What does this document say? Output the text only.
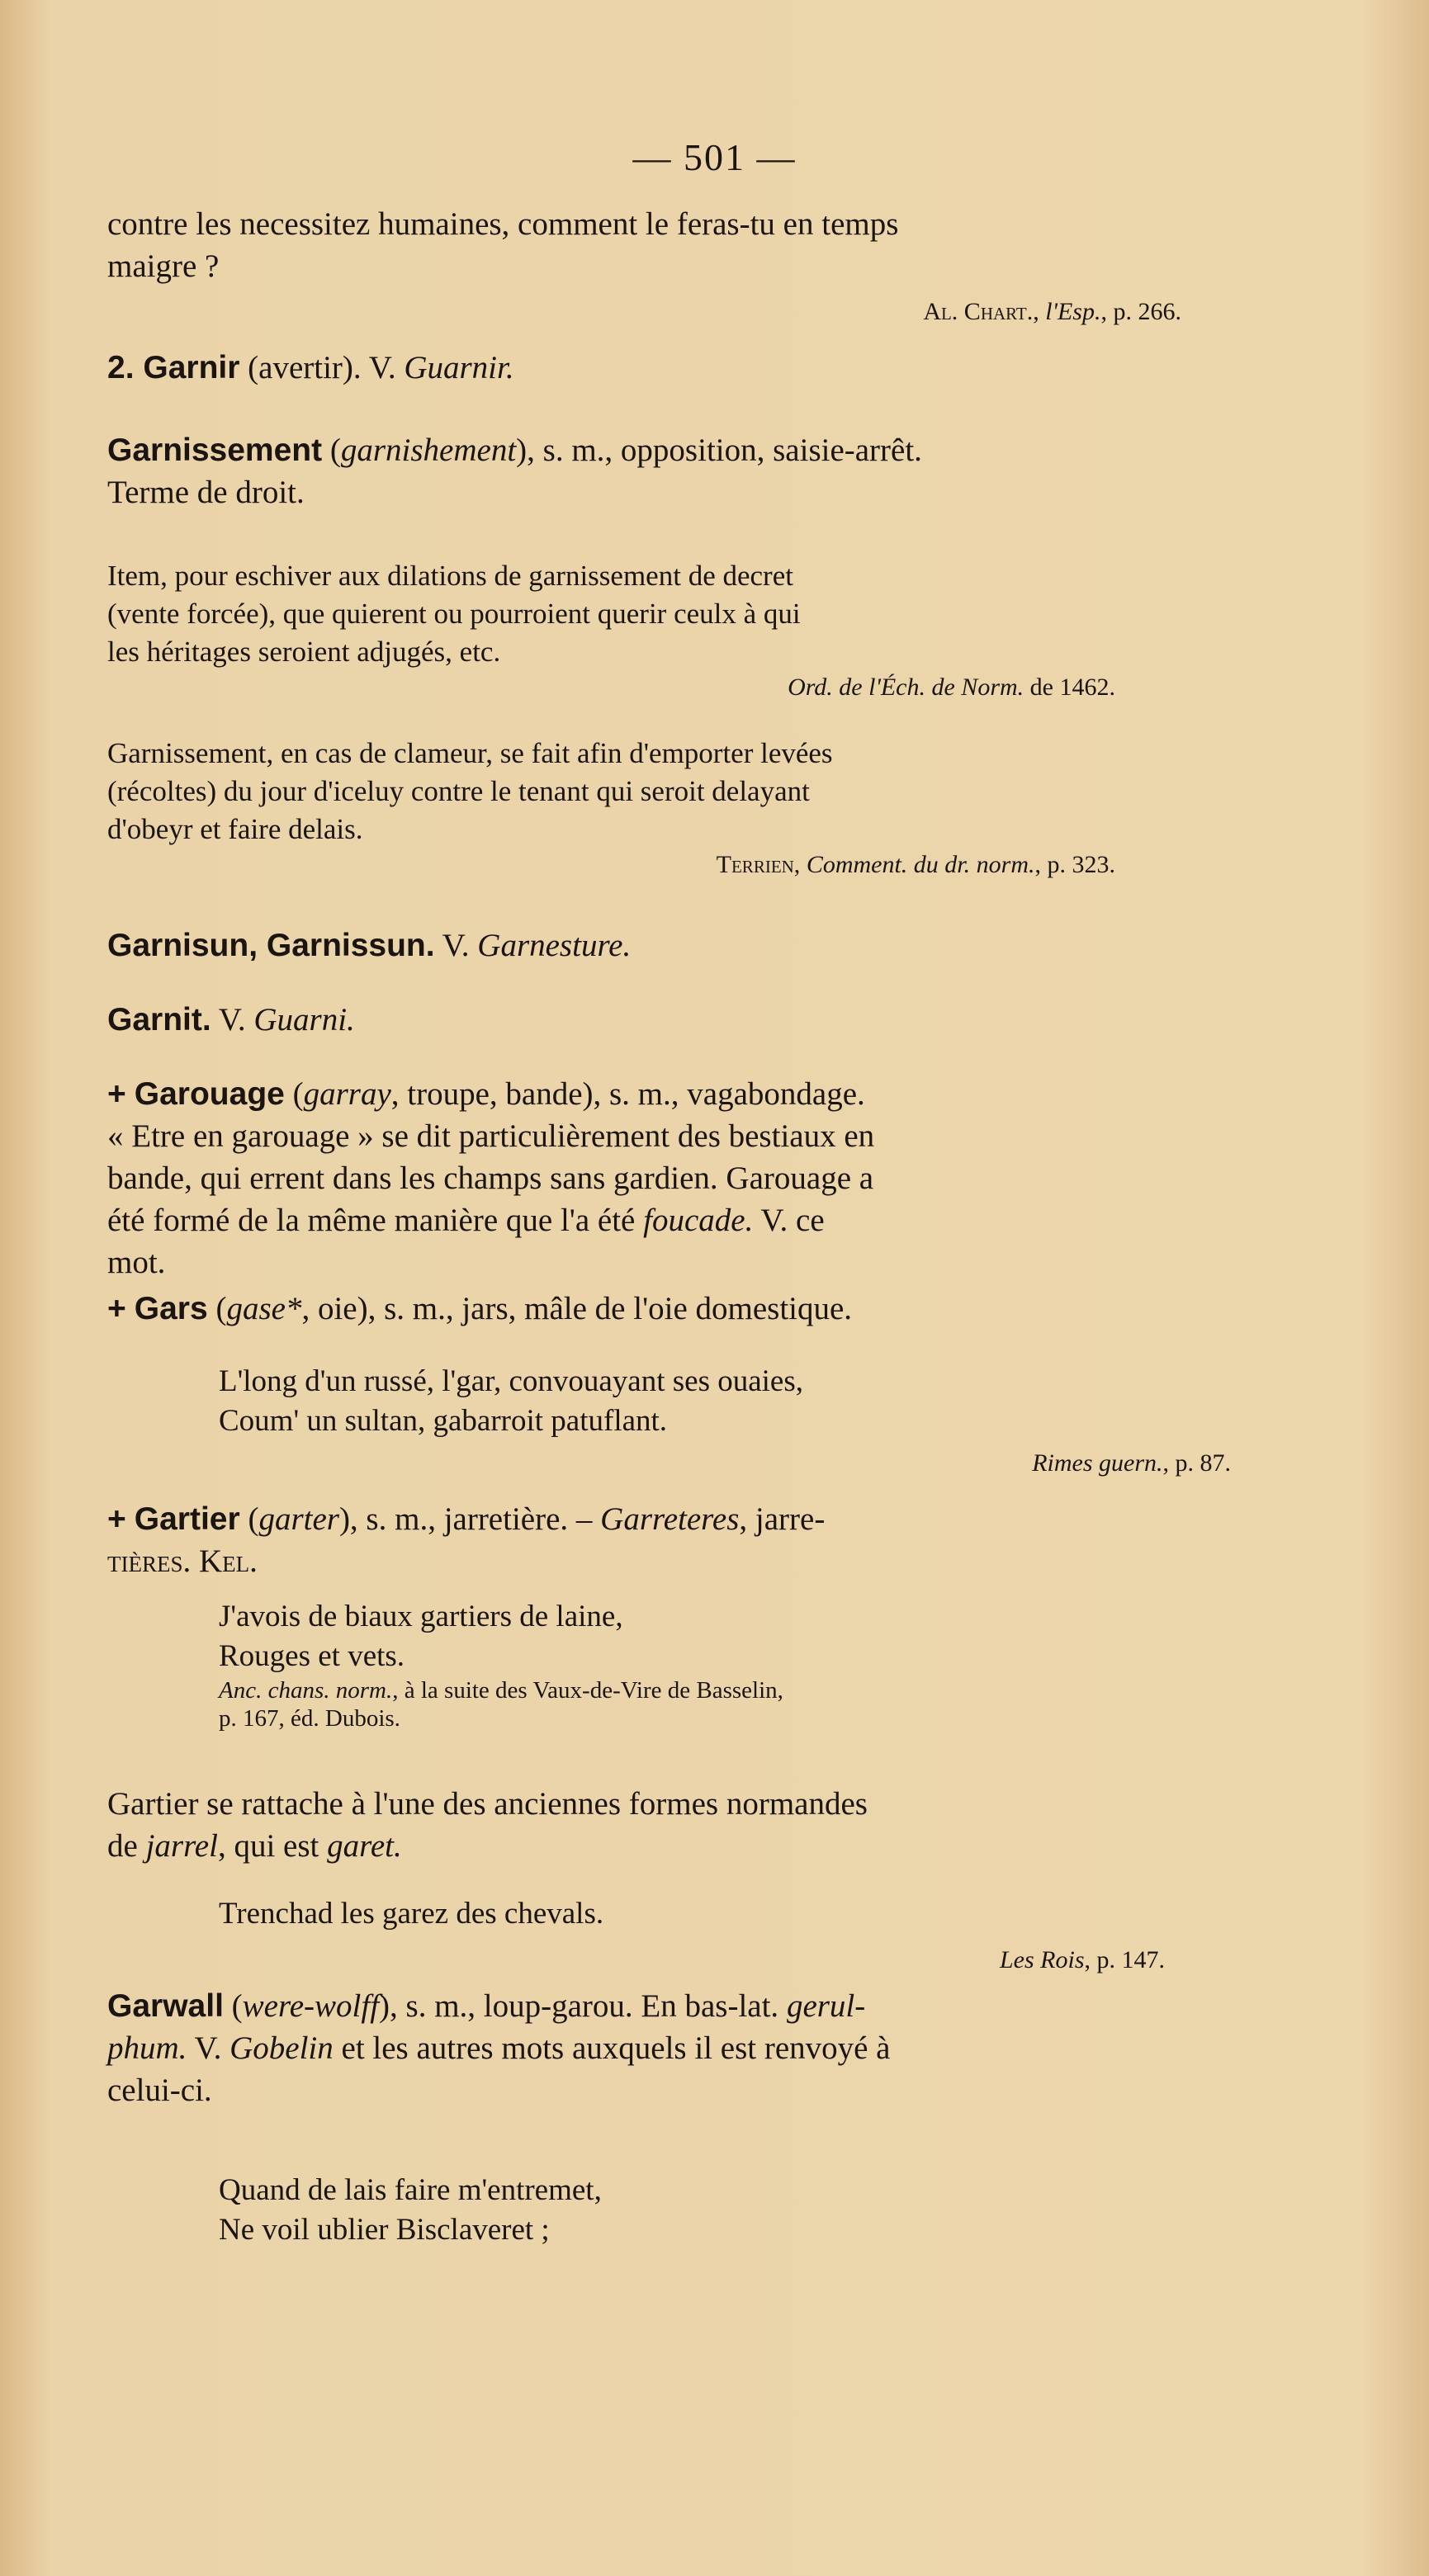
— 501 —
contre les necessitez humaines, comment le feras-tu en temps
maigre ?
Al. Chart., l'Esp., p. 266.
2. Garnir (avertir). V. Guarnir.
Garnissement (garnishement), s. m., opposition, saisie-arrêt.
Terme de droit.
Item, pour eschiver aux dilations de garnissement de decret
(vente forcée), que quierent ou pourroient querir ceulx à qui
les héritages seroient adjugés, etc.
Ord. de l'Éch. de Norm. de 1462.
Garnissement, en cas de clameur, se fait afin d'emporter levées
(récoltes) du jour d'iceluy contre le tenant qui seroit delayant
d'obeyr et faire delais.
Terrien, Comment. du dr. norm., p. 323.
Garnisun, Garnissun. V. Garnesture.
Garnit. V. Guarni.
+ Garouage (garray, troupe, bande), s. m., vagabondage.
« Etre en garouage » se dit particulièrement des bestiaux en
bande, qui errent dans les champs sans gardien. Garouage a
été formé de la même manière que l'a été foucade. V. ce
mot.
+ Gars (gase*, oie), s. m., jars, mâle de l'oie domestique.
L'long d'un russé, l'gar, convouayant ses ouaies,
Coum' un sultan, gabarroit patuflant.
Rimes guern., p. 87.
+ Gartier (garter), s. m., jarretière. – Garreteres, jarre-
tières. Kel.
J'avois de biaux gartiers de laine,
Rouges et vets.
Anc. chans. norm., à la suite des Vaux-de-Vire de Basselin,
p. 167, éd. Dubois.
Gartier se rattache à l'une des anciennes formes normandes
de jarrel, qui est garet.
Trenchad les garez des chevals.
Les Rois, p. 147.
Garwall (were-wolff), s. m., loup-garou. En bas-lat. gerul-
phum. V. Gobelin et les autres mots auxquels il est renvoyé à
celui-ci.
Quand de lais faire m'entremet,
Ne voil ublier Bisclaveret ;
